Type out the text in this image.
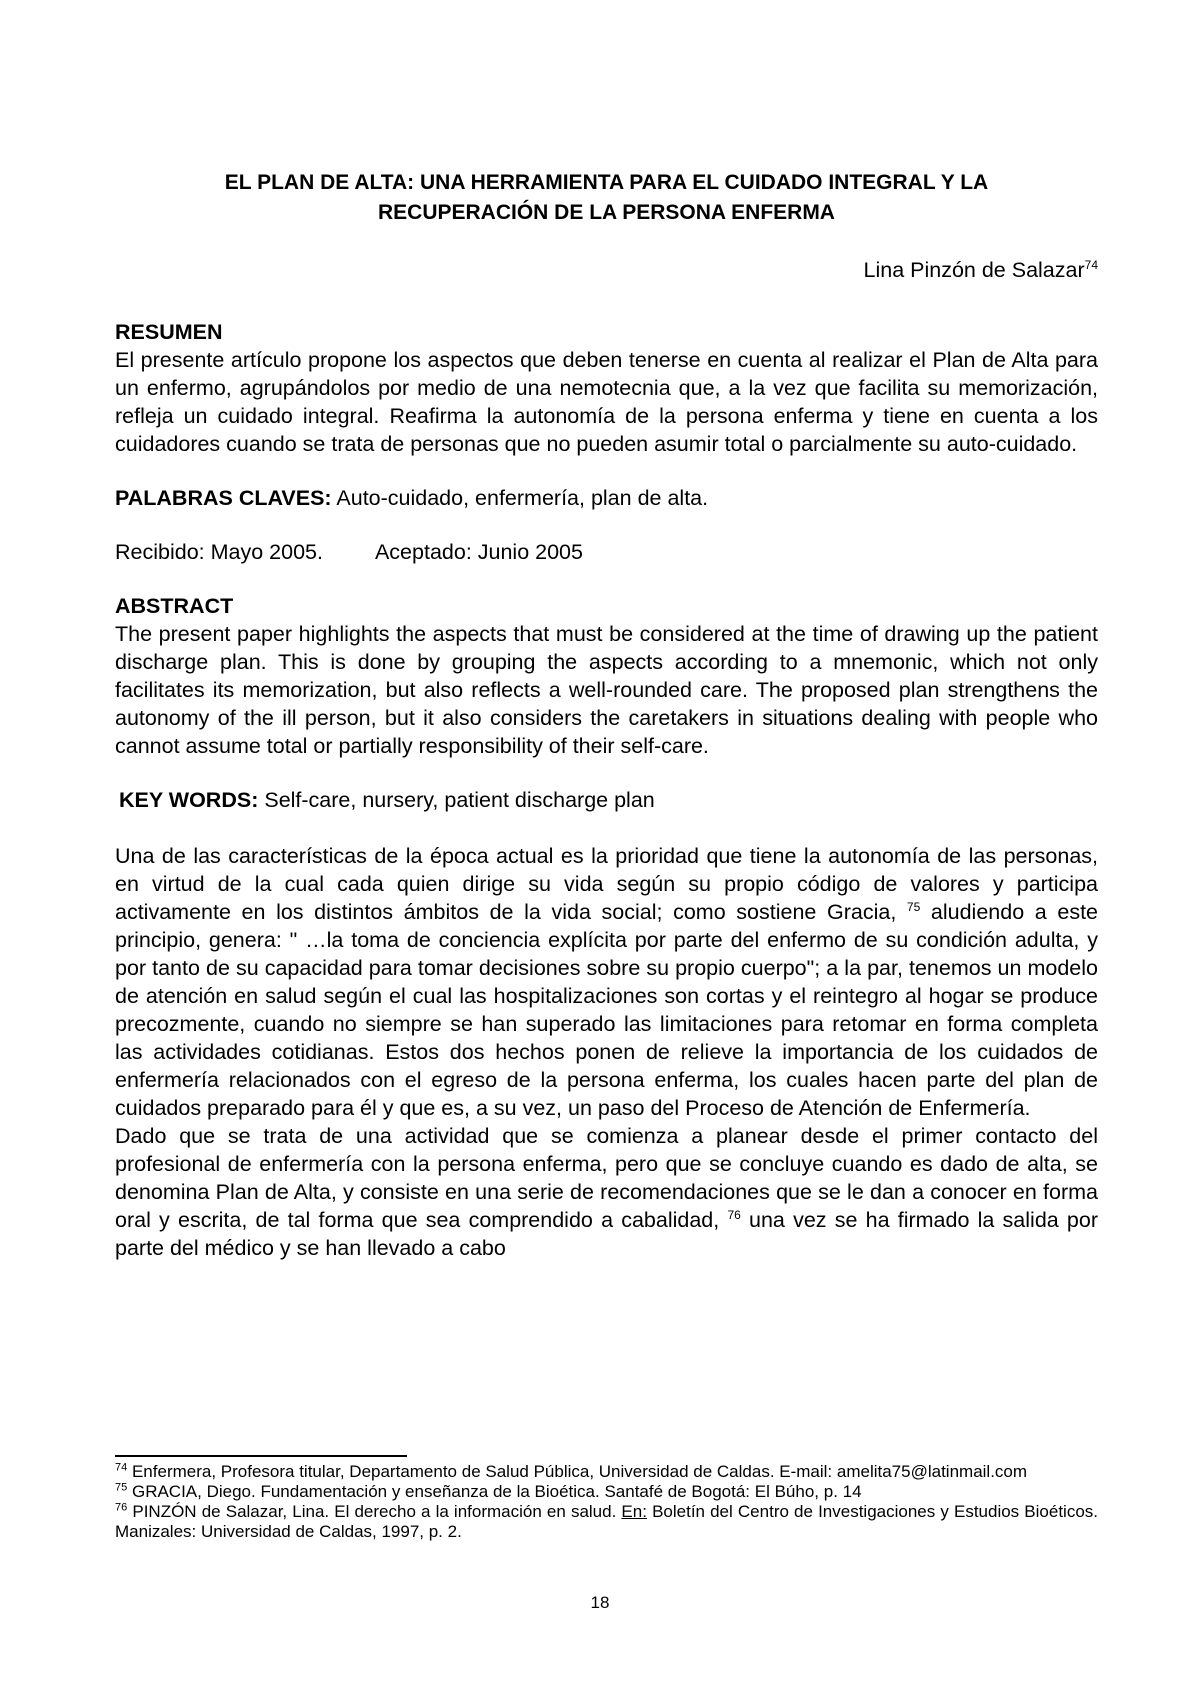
EL PLAN DE ALTA: UNA HERRAMIENTA PARA EL CUIDADO INTEGRAL Y LA
RECUPERACIÓN DE LA PERSONA ENFERMA
Lina Pinzón de Salazar$^{74}$
RESUMEN

El presente artículo propone los aspectos que deben tenerse en cuenta al realizar el Plan de Alta para un enfermo, agrupándolos por medio de una nemotecnia que, a la vez que facilita su memorización, refleja un cuidado integral. Reafirma la autonomía de la persona enferma y tiene en cuenta a los cuidadores cuando se trata de personas que no pueden asumir total o parcialmente su auto-cuidado.

PALABRAS CLAVES: Auto-cuidado, enfermería, plan de alta.
Recibido: Mayo 2005. Aceptado: Junio 2005
ABSTRACT

The present paper highlights the aspects that must be considered at the time of drawing up the patient discharge plan. This is done by grouping the aspects according to a mnemonic, which not only facilitates its memorization, but also reflects a well-rounded care. The proposed plan strengthens the autonomy of the ill person, but it also considers the caretakers in situations dealing with people who cannot assume total or partially responsibility of their self-care.

KEY WORDS: Self-care, nursery, patient discharge plan

Una de las características de la época actual es la prioridad que tiene la autonomía de las personas, en virtud de la cual cada quien dirige su vida según su propio código de valores y participa activamente en los distintos ámbitos de la vida social; como sostiene Gracia, $^{75}$ aludiendo a este principio, genera: " …la toma de conciencia explícita por parte del enfermo de su condición adulta, y por tanto de su capacidad para tomar decisiones sobre su propio cuerpo"; a la par, tenemos un modelo de atención en salud según el cual las hospitalizaciones son cortas y el reintegro al hogar se produce precozmente, cuando no siempre se han superado las limitaciones para retomar en forma completa las actividades cotidianas. Estos dos hechos ponen de relieve la importancia de los cuidados de enfermería relacionados con el egreso de la persona enferma, los cuales hacen parte del plan de cuidados preparado para él y que es, a su vez, un paso del Proceso de Atención de Enfermería.

Dado que se trata de una actividad que se comienza a planear desde el primer contacto del profesional de enfermería con la persona enferma, pero que se concluye cuando es dado de alta, se denomina Plan de Alta, y consiste en una serie de recomendaciones que se le dan a conocer en forma oral y escrita, de tal forma que sea comprendido a cabalidad, $^{76}$ una vez se ha firmado la salida por parte del médico y se han llevado a cabo

$^{74}$ Enfermera, Profesora titular, Departamento de Salud Pública, Universidad de Caldas. E-mail: amelita75@latinmail.com

$^{75}$ GRACIA, Diego. Fundamentación y enseñanza de la Bioética. Santafé de Bogotá: El Búho, p. 14

$^{76}$ PINZÓN de Salazar, Lina. El derecho a la información en salud. En: Boletín del Centro de Investigaciones y Estudios Bioéticos. Manizales: Universidad de Caldas, 1997, p. 2.

18
